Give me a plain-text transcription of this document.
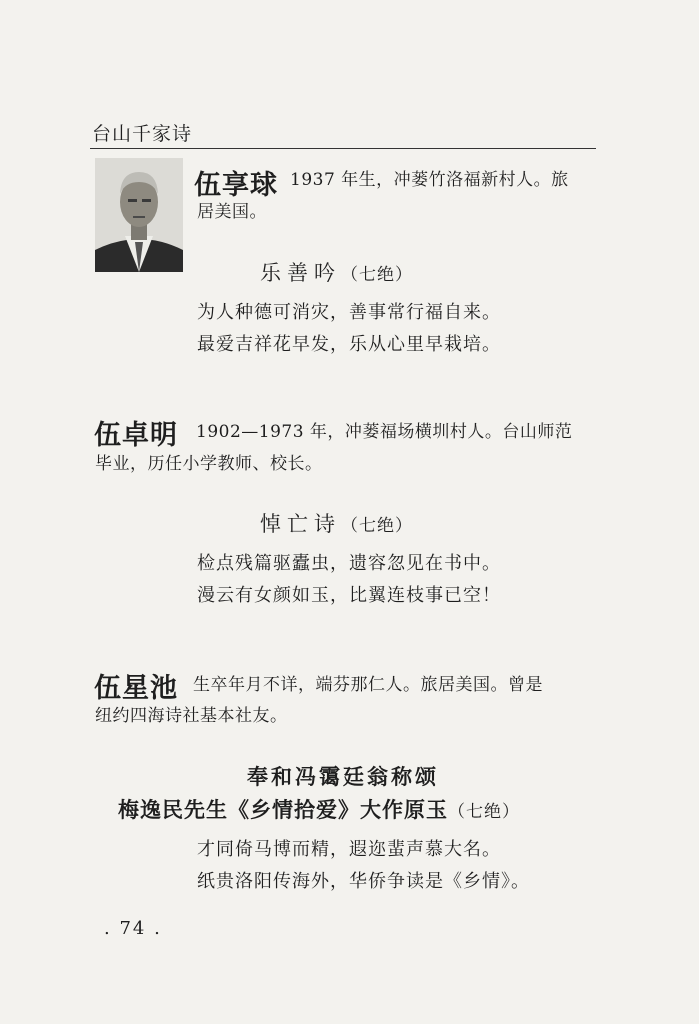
台山千家诗
伍享球 1937 年生，冲蒌竹洛福新村人。旅
居美国。
乐善吟（七绝）
为人种德可消灾，善事常行福自来。
最爱吉祥花早发，乐从心里早栽培。
伍卓明 1902—1973 年，冲蒌福场横圳村人。台山师范
毕业，历任小学教师、校长。
悼亡诗（七绝）
检点残篇驱蠹虫，遗容忽见在书中。
漫云有女颜如玉，比翼连枝事已空！
伍星池 生卒年月不详，端芬那仁人。旅居美国。曾是
纽约四海诗社基本社友。
奉和冯霭廷翁称颂
梅逸民先生《乡情拾爱》大作原玉（七绝）
才同倚马博而精，遐迩蜚声慕大名。
纸贵洛阳传海外，华侨争读是《乡情》。
. 74 .
